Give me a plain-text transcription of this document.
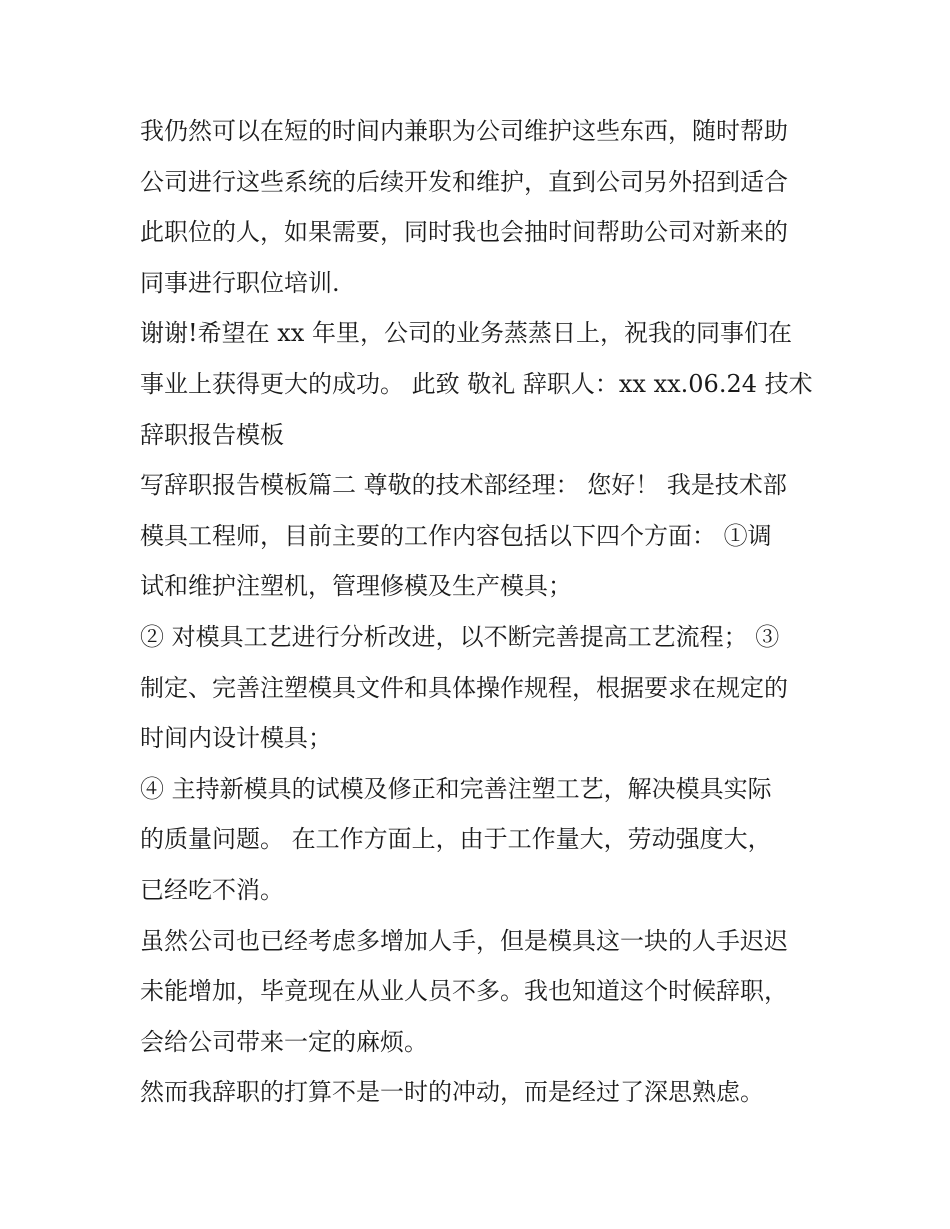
我仍然可以在短的时间内兼职为公司维护这些东西，随时帮助
公司进行这些系统的后续开发和维护，直到公司另外招到适合
此职位的人，如果需要，同时我也会抽时间帮助公司对新来的
同事进行职位培训.
谢谢!希望在 xx 年里，公司的业务蒸蒸日上，祝我的同事们在
事业上获得更大的成功。 此致 敬礼 辞职人：xx xx.06.24 技术
辞职报告模板
写辞职报告模板篇二 尊敬的技术部经理： 您好！ 我是技术部
模具工程师，目前主要的工作内容包括以下四个方面： ①调
试和维护注塑机，管理修模及生产模具；
② 对模具工艺进行分析改进，以不断完善提高工艺流程； ③
制定、完善注塑模具文件和具体操作规程，根据要求在规定的
时间内设计模具；
④ 主持新模具的试模及修正和完善注塑工艺，解决模具实际
的质量问题。 在工作方面上，由于工作量大，劳动强度大，
已经吃不消。
虽然公司也已经考虑多增加人手，但是模具这一块的人手迟迟
未能增加，毕竟现在从业人员不多。我也知道这个时候辞职，
会给公司带来一定的麻烦。
然而我辞职的打算不是一时的冲动，而是经过了深思熟虑。
